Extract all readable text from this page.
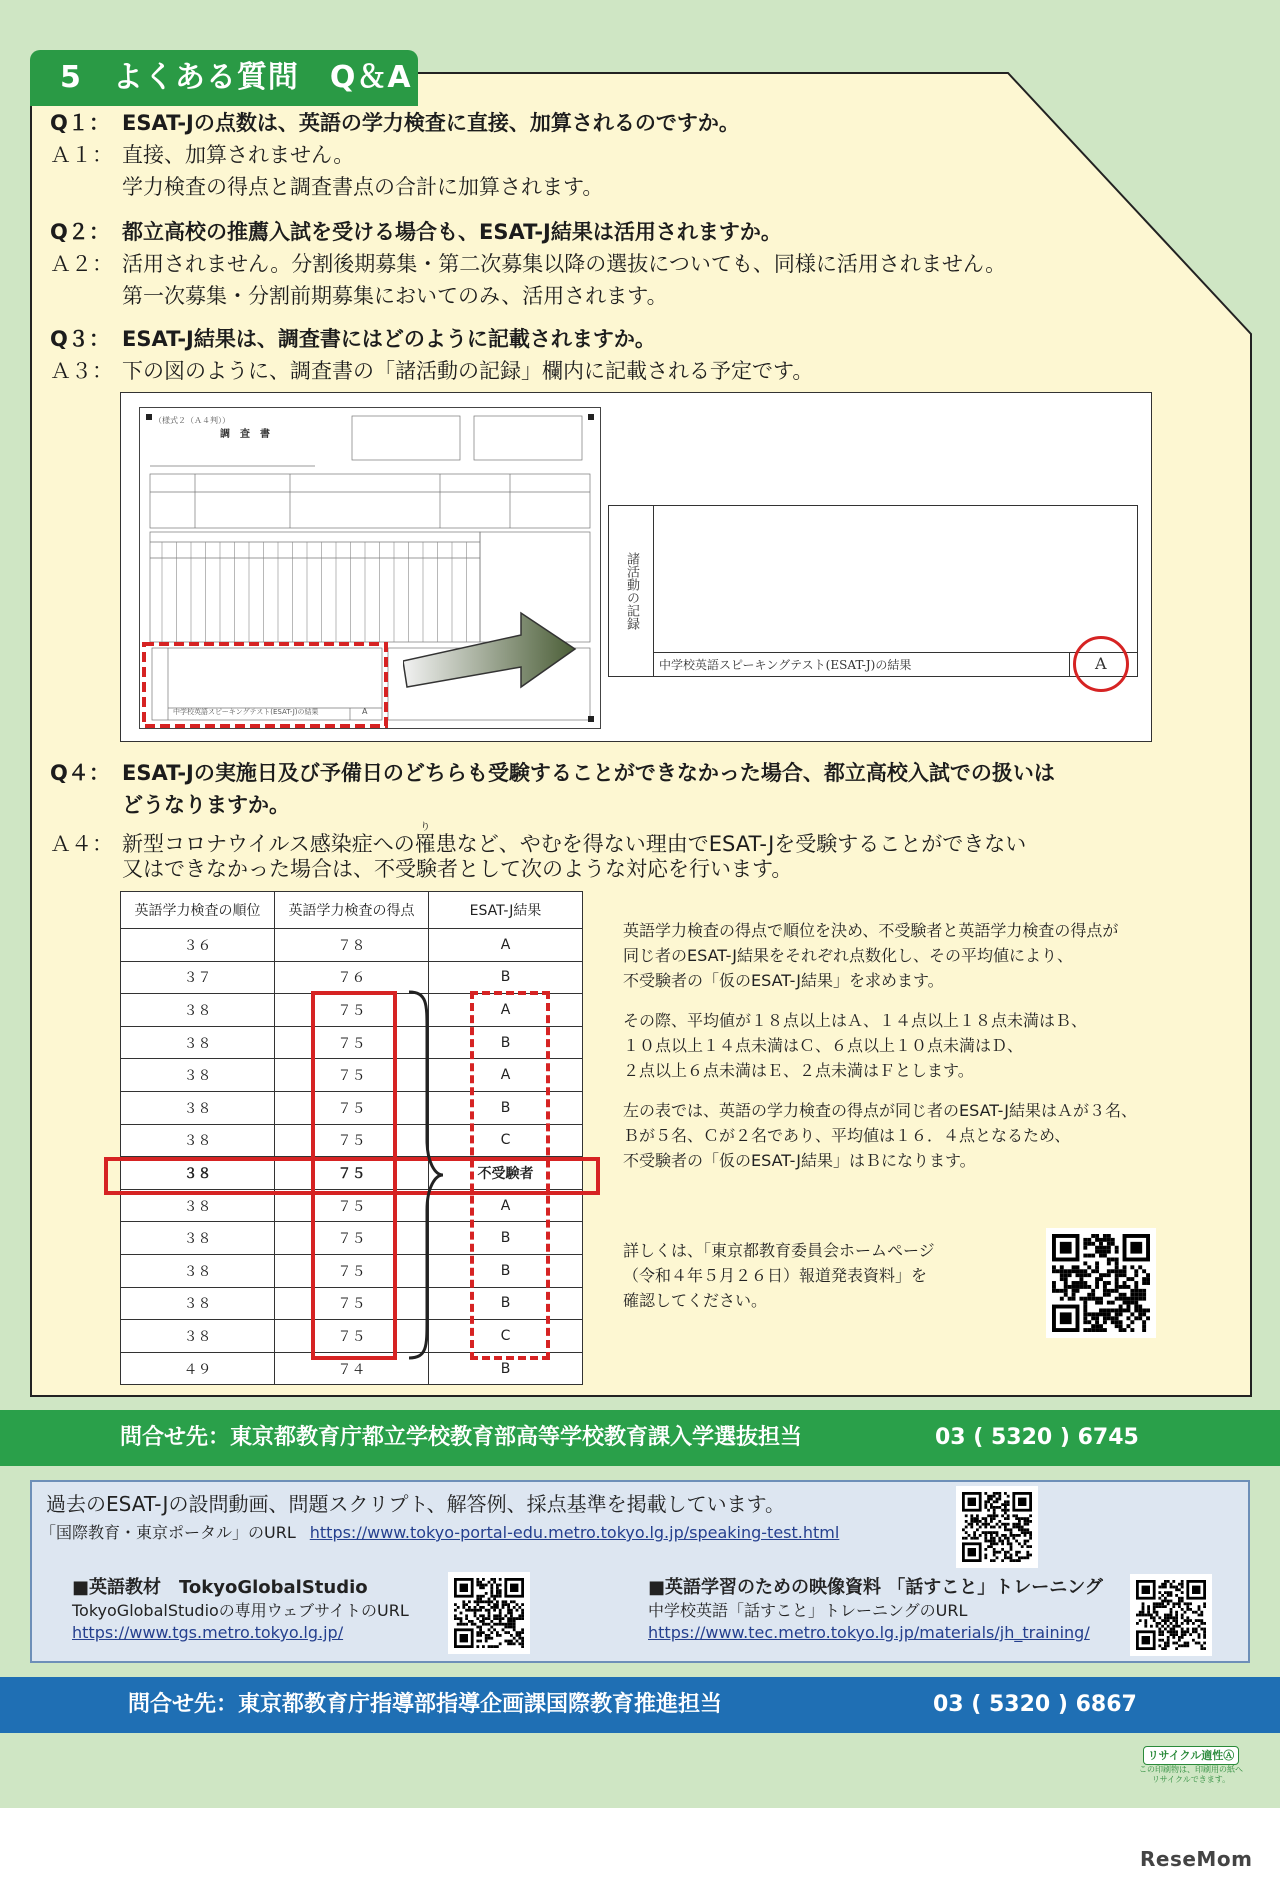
5　よくある質問　Q＆A
Q１： ESAT-Jの点数は、英語の学力検査に直接、加算されるのですか。
Ａ１： 直接、加算されません。
学力検査の得点と調査書点の合計に加算されます。
Q２： 都立高校の推薦入試を受ける場合も、ESAT-J結果は活用されますか。
Ａ２： 活用されません。分割後期募集・第二次募集以降の選抜についても、同様に活用されません。
第一次募集・分割前期募集においてのみ、活用されます。
Q３： ESAT-J結果は、調査書にはどのように記載されますか。
Ａ３： 下の図のように、調査書の「諸活動の記録」欄内に記載される予定です。
（様式２（Ａ４判））
調　査　書
中学校英語スピーキングテスト(ESAT-J)の結果	A
諸活動の記録
中学校英語スピーキングテスト(ESAT-J)の結果	A
Q４： ESAT-Jの実施日及び予備日のどちらも受験することができなかった場合、都立高校入試での扱いは
どうなりますか。
Ａ４： 新型コロナウイルス感染症への罹り患など、やむを得ない理由でESAT-Jを受験することができない
又はできなかった場合は、不受験者として次のような対応を行います。
英語学力検査の順位	英語学力検査の得点	ESAT-J結果
３６	７８	A
３７	７６	B
３８	７５	A
３８	７５	B
３８	７５	A
３８	７５	B
３８	７５	C
３８	７５	不受験者
３８	７５	A
３８	７５	B
３８	７５	B
３８	７５	B
３８	７５	C
４９	７４	B
英語学力検査の得点で順位を決め、不受験者と英語学力検査の得点が
同じ者のESAT-J結果をそれぞれ点数化し、その平均値により、
不受験者の「仮のESAT-J結果」を求めます。
その際、平均値が１８点以上はＡ、１４点以上１８点未満はＢ、
１０点以上１４点未満はＣ、６点以上１０点未満はＤ、
２点以上６点未満はＥ、２点未満はＦとします。
左の表では、英語の学力検査の得点が同じ者のESAT-J結果はＡが３名、
Ｂが５名、Ｃが２名であり、平均値は１６．４点となるため、
不受験者の「仮のESAT-J結果」はＢになります。
詳しくは、「東京都教育委員会ホームページ
（令和４年５月２６日）報道発表資料」を
確認してください。
問合せ先：東京都教育庁都立学校教育部高等学校教育課入学選抜担当	03 ( 5320 ) 6745
過去のESAT-Jの設問動画、問題スクリプト、解答例、採点基準を掲載しています。
「国際教育・東京ポータル」のURL https://www.tokyo-portal-edu.metro.tokyo.lg.jp/speaking-test.html
■英語教材　TokyoGlobalStudio
TokyoGlobalStudioの専用ウェブサイトのURL
https://www.tgs.metro.tokyo.lg.jp/
■英語学習のための映像資料 「話すこと」トレーニング
中学校英語「話すこと」トレーニングのURL
https://www.tec.metro.tokyo.lg.jp/materials/jh_training/
問合せ先：東京都教育庁指導部指導企画課国際教育推進担当	03 ( 5320 ) 6867
リサイクル適性Ⓐ
この印刷物は、印刷用の紙へ
リサイクルできます。
ReseMom
